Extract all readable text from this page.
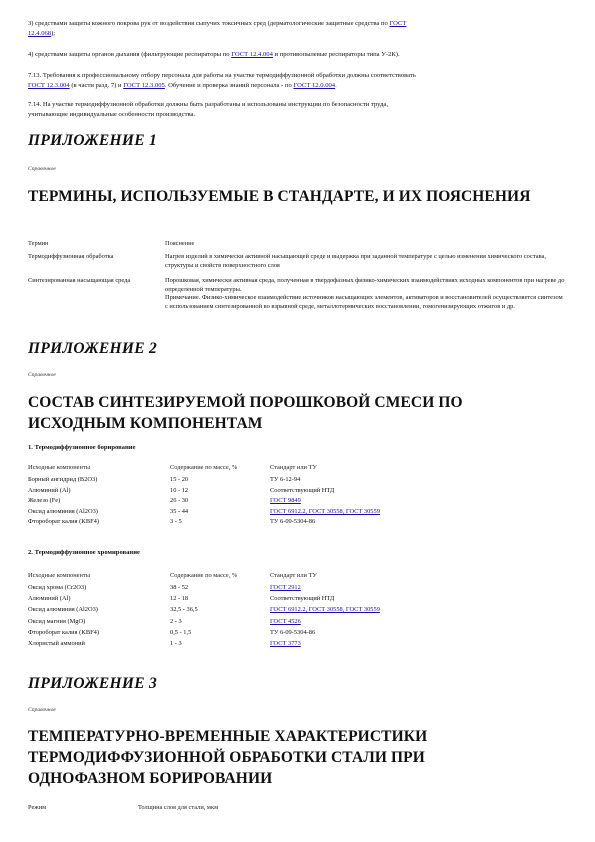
3) средствами защиты кожного покрова рук от воздействия сыпучих токсичных сред (дерматологические защитные средства по ГОСТ
12.4.068);
4) средствами защиты органов дыхания (фильтрующие респираторы по ГОСТ 12.4.004 и противопылевые респираторы типа У-2К).
7.13. Требования к профессиональному отбору персонала для работы на участке термодиффузионной обработки должны соответствовать
ГОСТ 12.3.004 (в части разд. 7) и ГОСТ 12.3.005. Обучение и проверка знаний персонала - по ГОСТ 12.0.004.
7.14. На участке термодиффузионной обработки должны быть разработаны и использованы инструкции по безопасности труда,
учитывающие индивидуальные особенности производства.
ПРИЛОЖЕНИЕ 1
Справочное
ТЕРМИНЫ, ИСПОЛЬЗУЕМЫЕ В СТАНДАРТЕ, И ИХ ПОЯСНЕНИЯ
Термин	Пояснение
Термодиффузионная обработка	Нагрев изделий в химически активной насыщающей среде и выдержка при заданной температуре с целью изменения химического состава, структуры и свойств поверхностного слоя
Синтезированная насыщающая среда	Порошковая, химически активная среда, полученная в твердофазных физико-химических взаимодействиях исходных компонентов при нагреве до определенной температуры.
Примечание. Физико-химическое взаимодействие источников насыщающих элементов, активаторов и восстановителей осуществляется синтезом с использованием синтезированной во взрывной среде, металлотермических восстановлении, гомогенизирующих отжигов и др.
ПРИЛОЖЕНИЕ 2
Справочное
СОСТАВ СИНТЕЗИРУЕМОЙ ПОРОШКОВОЙ СМЕСИ ПО ИСХОДНЫМ КОМПОНЕНТАМ
1. Термодиффузионное борирование
Исходные компоненты	Содержание по массе, %	Стандарт или ТУ
Борный ангидрид (В2О3)	15 - 20	ТУ 6-12-94
Алюминий (Аl)	10 - 12	Соответствующий НТД
Железо (Fe)	26 - 30	ГОСТ 9849
Оксид алюминия (Al2O3)	35 - 44	ГОСТ 6912.2, ГОСТ 30558, ГОСТ 30559
Фтороборат калия (KBF4)	3 - 5	ТУ 6-09-5304-86
2. Термодиффузионное хромирование
Исходные компоненты	Содержание по массе, %	Стандарт или ТУ
Оксид хрома (Cr2O3)	38 - 52	ГОСТ 2912
Алюминий (Аl)	12 - 18	Соответствующий НТД
Оксид алюминия (Al2O3)	32,5 - 36,5	ГОСТ 6912.2, ГОСТ 30558, ГОСТ 30559
Оксид магния (MgO)	2 - 3	ГОСТ 4526
Фтороборат калия (KBF4)	0,5 - 1,5	ТУ 6-09-5304-86
Хлористый аммоний	1 - 3	ГОСТ 3773
ПРИЛОЖЕНИЕ 3
Справочное
ТЕМПЕРАТУРНО-ВРЕМЕННЫЕ ХАРАКТЕРИСТИКИ ТЕРМОДИФФУЗИОННОЙ ОБРАБОТКИ СТАЛИ ПРИ ОДНОФАЗНОМ БОРИРОВАНИИ
Режим	Толщина слоя для стали, мкм
